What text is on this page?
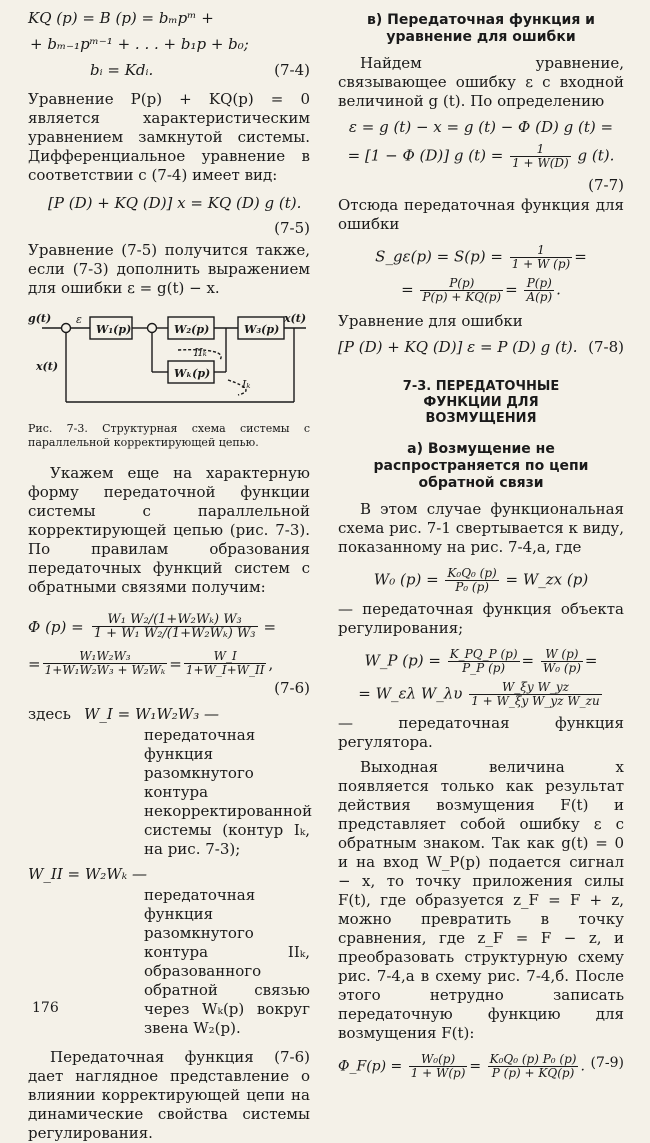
KQ (p) = B (p) = bₘpᵐ +
+ bₘ₋₁pᵐ⁻¹ + . . . + b₁p + b₀;
bᵢ = Kdᵢ.	(7-4)

Уравнение P(p) + KQ(p) = 0 является характеристическим уравнением замкнутой системы. Дифференциальное уравнение в соответствии с (7-4) имеет вид:

[P (D) + KQ (D)] x = KQ (D) g (t).
(7-5)

Уравнение (7-5) получится также, если (7-3) дополнить выражением для ошибки ε = g(t) − x.

g(t) ε
W₁(p)	W₂(p)	W₃(p)
Wₖ(p)
x(t)
x(t)
IIₖ
Iₖ

Рис. 7-3. Структурная схема системы с параллельной корректирующей цепью.

Укажем еще на характерную форму передаточной функции системы с параллельной корректирующей цепью (рис. 7-3). По правилам образования передаточных функций систем с обратными связями получим:

Φ $(p) = \frac{\text{W₁ W₂/(1+W₂Wₖ) W₃}}{\text{1 + W₁ W₂/(1+W₂Wₖ) W₃}}$ =
= $\frac{\text{W₁W₂W₃}}{\text{1+W₁W₂W₃ + W₂Wₖ}} = \frac{W\_I}{1+W\_I+W\_II}$ ,
(7-6)
здесь W_I = W₁W₂W₃ —

передаточная функция разомкнутого контура некорректированной системы (контур Iₖ, на рис. 7-3);

W_II = W₂Wₖ —

передаточная функция разомкнутого контура IIₖ, образованного обратной связью через Wₖ(p) вокруг звена W₂(p).

Передаточная функция (7-6) дает наглядное представление о влиянии корректирующей цепи на динамические свойства системы регулирования.

в) Передаточная функция и уравнение для ошибки

Найдем уравнение, связывающее ошибку ε с входной величиной g (t). По определению

ε = g (t) − x = g (t) − Φ (D) g (t) =
= [1 − Φ (D)] g $(t) = \frac{1}{1 + W(D)}$ g (t).
(7-7)

Отсюда передаточная функция для ошибки

S_gε(p) = $S(p) = \frac{1}{1 + W (p)}$ =
= $\frac{P(p)}{P(p) + KQ(p)} = \frac{P(p)}{A(p)}$ .

Уравнение для ошибки

[P (D) + KQ (D)] ε = P (D) g (t). (7-8)
7-3. ПЕРЕДАТОЧНЫЕ ФУНКЦИИ ДЛЯ ВОЗМУЩЕНИЯ
а) Возмущение не распространяется по цепи обратной связи

В этом случае функциональная схема рис. 7-1 свертывается к виду, показанному на рис. 7-4,а, где

W₀ $(p) = \frac{\text{K₀Q₀ (p)}}{\text{P₀ (p)}}$ = W_zx (p)

— передаточная функция объекта регулирования;

W_P $(p) = \frac{K\_PQ\_P (p)}{P\_P (p)} = \frac{W (p)}{\text{W₀ (p)}}$ =
= W_ελ W_λυ $\frac{\text{W\_ξy W\_yz}}{\text{1 + W\_ξy W\_yz W\_zu}}$

— передаточная функция регулятора.

Выходная величина x появляется только как результат действия возмущения F(t) и представляет собой ошибку ε с обратным знаком. Так как g(t) = 0 и на вход W_P(p) подается сигнал − x, то точку приложения силы F(t), где образуется z_F = F + z, можно превратить в точку сравнения, где z_F = F − z, и преобразовать структурную схему рис. 7-4,а в схему рис. 7-4,б. После этого нетрудно записать передаточную функцию для возмущения F(t):

Φ_F(p) = $\frac{\text{W₀(p)}}{1 + W(p)} = \frac{\text{K₀Q₀ (p) P₀ (p)}}{P (p) + KQ(p)}$ . (7-9)
176
